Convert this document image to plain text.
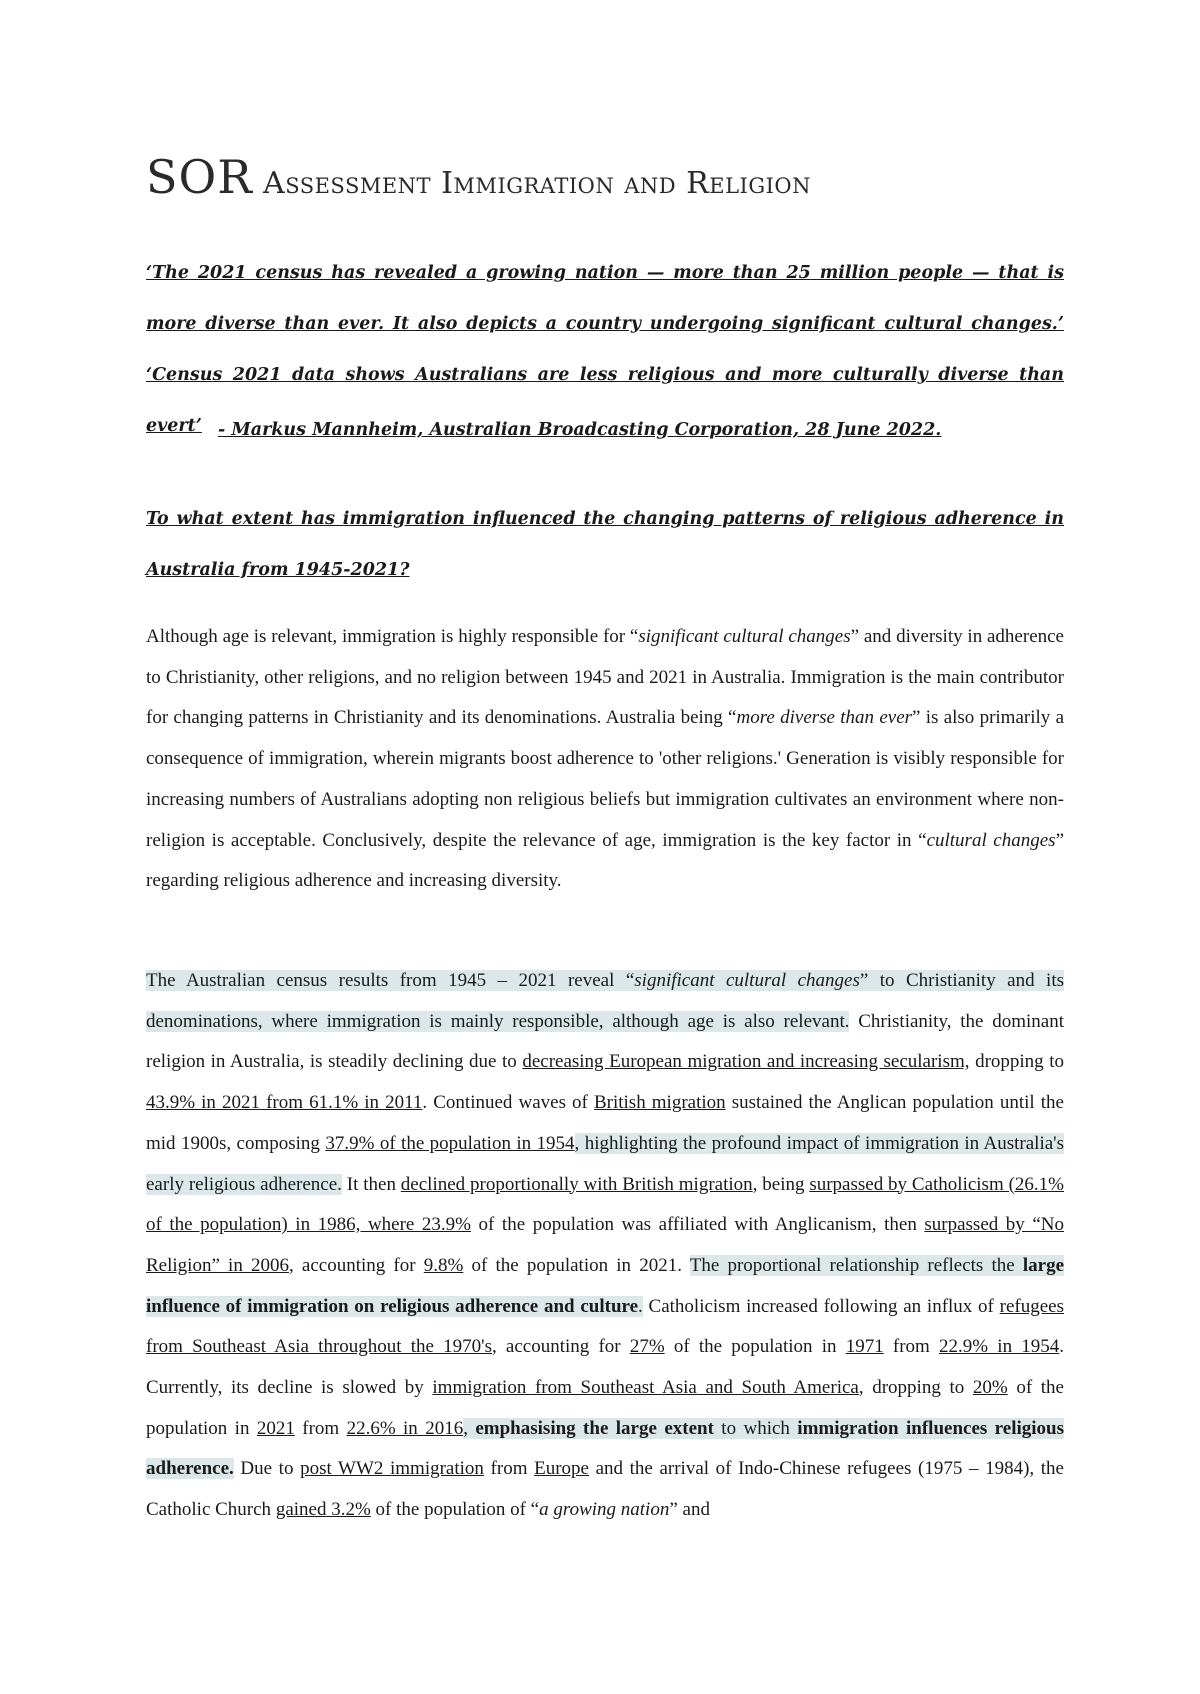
SOR Assessment Immigration and Religion

‘The 2021 census has revealed a growing nation — more than 25 million people — that is more diverse than ever. It also depicts a country undergoing significant cultural changes.’ ‘Census 2021 data shows Australians are less religious and more culturally diverse than evert’ - Markus Mannheim, Australian Broadcasting Corporation, 28 June 2022.

To what extent has immigration influenced the changing patterns of religious adherence in Australia from 1945-2021?

Although age is relevant, immigration is highly responsible for “significant cultural changes” and diversity in adherence to Christianity, other religions, and no religion between 1945 and 2021 in Australia. Immigration is the main contributor for changing patterns in Christianity and its denominations. Australia being “more diverse than ever” is also primarily a consequence of immigration, wherein migrants boost adherence to 'other religions.' Generation is visibly responsible for increasing numbers of Australians adopting non religious beliefs but immigration cultivates an environment where non-religion is acceptable. Conclusively, despite the relevance of age, immigration is the key factor in “cultural changes” regarding religious adherence and increasing diversity.

The Australian census results from 1945 – 2021 reveal “significant cultural changes” to Christianity and its denominations, where immigration is mainly responsible, although age is also relevant. Christianity, the dominant religion in Australia, is steadily declining due to decreasing European migration and increasing secularism, dropping to 43.9% in 2021 from 61.1% in 2011. Continued waves of British migration sustained the Anglican population until the mid 1900s, composing 37.9% of the population in 1954, highlighting the profound impact of immigration in Australia's early religious adherence. It then declined proportionally with British migration, being surpassed by Catholicism (26.1% of the population) in 1986, where 23.9% of the population was affiliated with Anglicanism, then surpassed by “No Religion” in 2006, accounting for 9.8% of the population in 2021. The proportional relationship reflects the large influence of immigration on religious adherence and culture. Catholicism increased following an influx of refugees from Southeast Asia throughout the 1970's, accounting for 27% of the population in 1971 from 22.9% in 1954. Currently, its decline is slowed by immigration from Southeast Asia and South America, dropping to 20% of the population in 2021 from 22.6% in 2016, emphasising the large extent to which immigration influences religious adherence. Due to post WW2 immigration from Europe and the arrival of Indo-Chinese refugees (1975 – 1984), the Catholic Church gained 3.2% of the population of “a growing nation” and
